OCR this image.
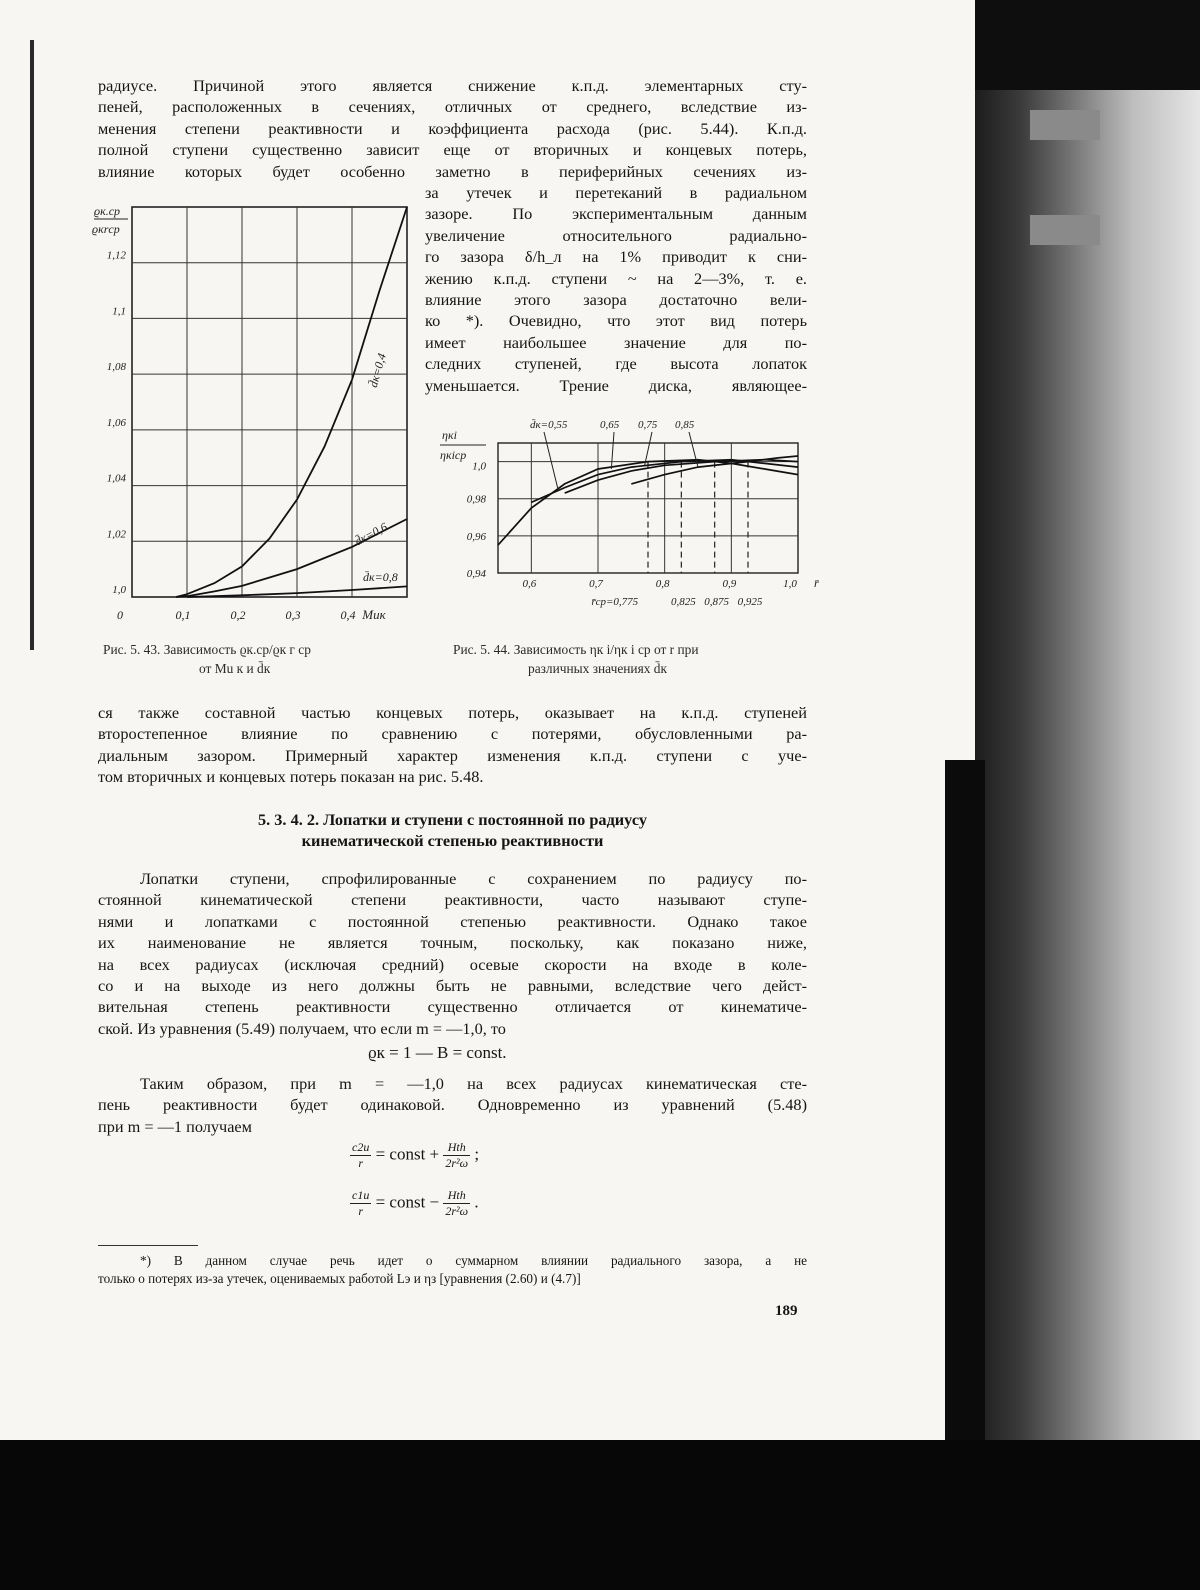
радиусе. Причиной этого является снижение к.п.д. элементарных сту-
пеней, расположенных в сечениях, отличных от среднего, вследствие из-
менения степени реактивности и коэффициента расхода (рис. 5.44). К.п.д.
полной ступени существенно зависит еще от вторичных и концевых потерь,
влияние которых будет особенно заметно в периферийных сечениях из-
за утечек и перетеканий в радиальном
зазоре. По экспериментальным данным
увеличение относительного радиально-
го зазора δ/h_л на 1% приводит к сни-
жению к.п.д. ступени ~ на 2—3%, т. е.
влияние этого зазора достаточно вели-
ко *). Очевидно, что этот вид потерь
имеет наибольшее значение для по-
следних ступеней, где высота лопаток
уменьшается. Трение диска, являющее-
1,0
1,02
1,04
1,06
1,08
1,1
1,12
0	0,1	0,2	0,3	0,4 Mик
ϱк.ср
ϱкrср
d̄к=0,4
d̄к=0,6
d̄к=0,8
1,0
0,98
0,96
0,94
0,6	0,7	0,8	0,9	1,0 r̄
r̄ср=0,775	0,825 0,875 0,925
ηкi
ηкiср
d̄к=0,55	0,65 0,75 0,85
Рис. 5. 43. Зависимость ϱк.ср/ϱк г ср
от Mu к и d̄к
Рис. 5. 44. Зависимость ηк i/ηк i ср от r при
различных значениях d̄к
ся также составной частью концевых потерь, оказывает на к.п.д. ступеней
второстепенное влияние по сравнению с потерями, обусловленными ра-
диальным зазором. Примерный характер изменения к.п.д. ступени с уче-
том вторичных и концевых потерь показан на рис. 5.48.
5. 3. 4. 2. Лопатки и ступени с постоянной по радиусу
кинематической степенью реактивности
Лопатки ступени, спрофилированные с сохранением по радиусу по-
стоянной кинематической степени реактивности, часто называют ступе-
нями и лопатками с постоянной степенью реактивности. Однако такое
их наименование не является точным, поскольку, как показано ниже,
на всех радиусах (исключая средний) осевые скорости на входе в коле-
со и на выходе из него должны быть не равными, вследствие чего дейст-
вительная степень реактивности существенно отличается от кинематиче-
ской. Из уравнения (5.49) получаем, что если m = —1,0, то
ϱк = 1 — B = const.
Таким образом, при m = —1,0 на всех радиусах кинематическая сте-
пень реактивности будет одинаковой. Одновременно из уравнений (5.48)
при m = —1 получаем
$\frac{c2u}{r}$ = const + $\frac{\text{Hth}}{\text{2r²ω}}$ ;
$\frac{c1u}{r}$ = const − $\frac{\text{Hth}}{\text{2r²ω}}$ .
*) В данном случае речь идет о суммарном влиянии радиального зазора, а не
только о потерях из-за утечек, оцениваемых работой Lэ и ηз [уравнения (2.60) и (4.7)]
189
